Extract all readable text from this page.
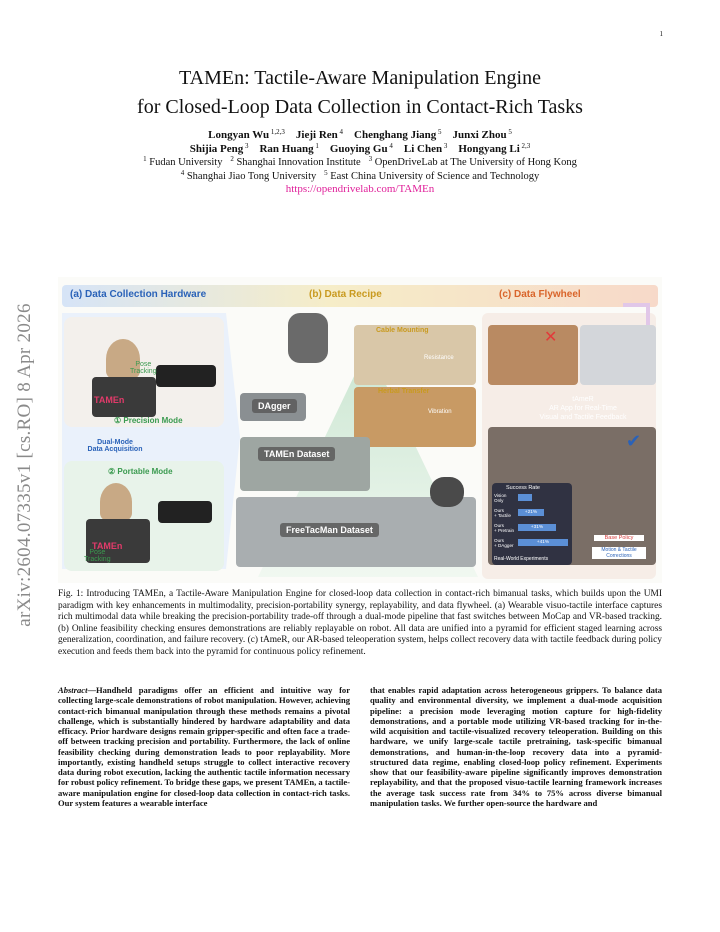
1
arXiv:2604.07335v1 [cs.RO] 8 Apr 2026
TAMEn: Tactile-Aware Manipulation Engine
for Closed-Loop Data Collection in Contact-Rich Tasks
Longyan Wu $^{1,2,3}$ Jieji Ren $^4$ Chenghang Jiang $^5$ Junxi Zhou $^5$
Shijia Peng $^3$ Ran Huang $^1$ Guoying Gu $^4$ Li Chen $^3$ Hongyang Li $^{2,3}$
$^1$ Fudan University $^2$ Shanghai Innovation Institute $^3$ OpenDriveLab at The University of Hong Kong
$^4$ Shanghai Jiao Tong University $^5$ East China University of Science and Technology
https://opendrivelab.com/TAMEn
(a) Data Collection Hardware	(b) Data Recipe	(c) Data Flywheel
TAMEn
Pose
Tracking
① Precision Mode
Dual-Mode
Data Acquisition
② Portable Mode
TAMEn
Pose
Tracking
Cable Mounting
Resistance
Herbal Transfer
Vibration
DAgger
TAMEn Dataset
FreeTacMan Dataset
✕
tAmeR
AR App for Real-Time
Visual and Tactile Feedback
✔
Success Rate
Vision
Only
Ours
+ Tactile
+21%
Ours
+ Pretrain
+31%
Ours
+ DAgger
+41%
Real-World Experiments
Base Policy
Motion & Tactile
Corrections
Fig. 1: Introducing TAMEn, a Tactile-Aware Manipulation Engine for closed-loop data collection in contact-rich bimanual tasks, which builds upon the UMI paradigm with key enhancements in multimodality, precision-portability synergy, replayability, and data flywheel. (a) Wearable visuo-tactile interface captures rich multimodal data while breaking the precision-portability trade-off through a dual-mode pipeline that fast switches between MoCap and VR-based tracking. (b) Online feasibility checking ensures demonstrations are reliably replayable on robot. All data are unified into a pyramid for efficient staged learning across generalization, coordination, and failure recovery. (c) tAmeR, our AR-based teleoperation system, helps collect recovery data with tactile feedback during policy execution and feeds them back into the pyramid for continuous policy refinement.
Abstract—Handheld paradigms offer an efficient and intuitive way for collecting large-scale demonstrations of robot manipulation. However, achieving contact-rich bimanual manipulation through these methods remains a pivotal challenge, which is substantially hindered by hardware adaptability and data efficacy. Prior hardware designs remain gripper-specific and often face a trade-off between tracking precision and portability. Furthermore, the lack of online feasibility checking during demonstration leads to poor replayability. More importantly, existing handheld setups struggle to collect interactive recovery data during robot execution, lacking the authentic tactile information necessary for robust policy refinement. To bridge these gaps, we present TAMEn, a tactile-aware manipulation engine for closed-loop data collection in contact-rich tasks. Our system features a wearable interface
that enables rapid adaptation across heterogeneous grippers. To balance data quality and environmental diversity, we implement a dual-mode acquisition pipeline: a precision mode leveraging motion capture for high-fidelity demonstrations, and a portable mode utilizing VR-based tracking for in-the-wild acquisition and tactile-visualized recovery teleoperation. Building on this hardware, we unify large-scale tactile pretraining, task-specific bimanual demonstrations, and human-in-the-loop recovery data into a pyramid-structured data regime, enabling closed-loop policy refinement. Experiments show that our feasibility-aware pipeline significantly improves demonstration replayability, and that the proposed visuo-tactile learning framework increases the average task success rate from 34% to 75% across diverse bimanual manipulation tasks. We further open-source the hardware and
